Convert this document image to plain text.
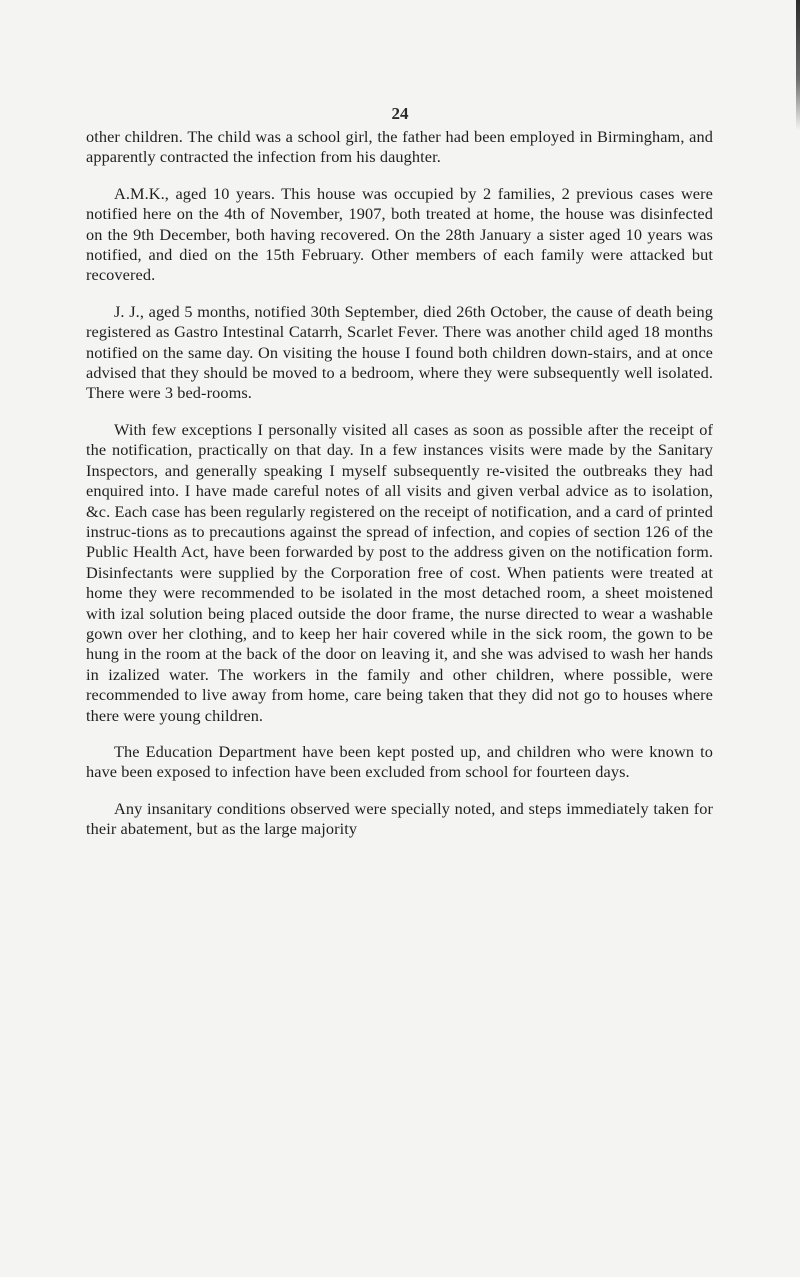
24

other children. The child was a school girl, the father had been employed in Birmingham, and apparently contracted the infection from his daughter.

A.M.K., aged 10 years. This house was occupied by 2 families, 2 previous cases were notified here on the 4th of November, 1907, both treated at home, the house was disinfected on the 9th December, both having recovered. On the 28th January a sister aged 10 years was notified, and died on the 15th February. Other members of each family were attacked but recovered.

J. J., aged 5 months, notified 30th September, died 26th October, the cause of death being registered as Gastro Intestinal Catarrh, Scarlet Fever. There was another child aged 18 months notified on the same day. On visiting the house I found both children down-stairs, and at once advised that they should be moved to a bedroom, where they were subsequently well isolated. There were 3 bed-rooms.

With few exceptions I personally visited all cases as soon as possible after the receipt of the notification, practically on that day. In a few instances visits were made by the Sanitary Inspectors, and generally speaking I myself subsequently re-visited the outbreaks they had enquired into. I have made careful notes of all visits and given verbal advice as to isolation, &c. Each case has been regularly registered on the receipt of notification, and a card of printed instruc-tions as to precautions against the spread of infection, and copies of section 126 of the Public Health Act, have been forwarded by post to the address given on the notification form. Disinfectants were supplied by the Corporation free of cost. When patients were treated at home they were recommended to be isolated in the most detached room, a sheet moistened with izal solution being placed outside the door frame, the nurse directed to wear a washable gown over her clothing, and to keep her hair covered while in the sick room, the gown to be hung in the room at the back of the door on leaving it, and she was advised to wash her hands in izalized water. The workers in the family and other children, where possible, were recommended to live away from home, care being taken that they did not go to houses where there were young children.

The Education Department have been kept posted up, and children who were known to have been exposed to infection have been excluded from school for fourteen days.

Any insanitary conditions observed were specially noted, and steps immediately taken for their abatement, but as the large majority
